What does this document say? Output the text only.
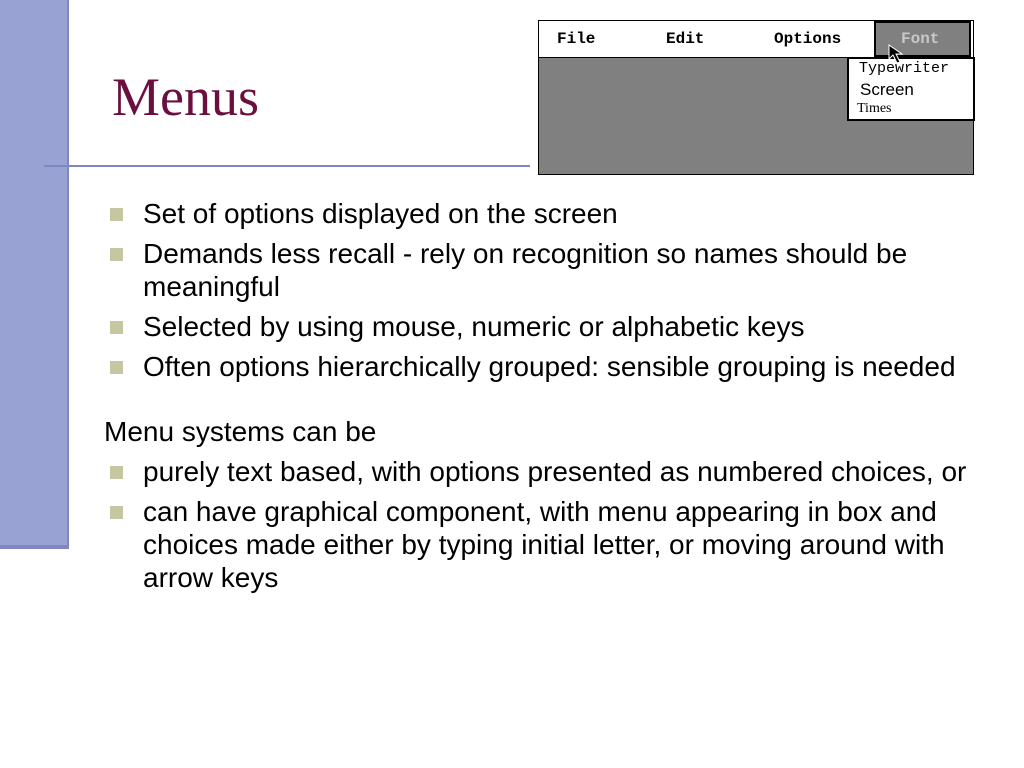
Menus
File	Edit	Options	Font
Typewriter
Screen
Times
Set of options displayed on the screen
Demands less recall - rely on recognition so names should be meaningful
Selected by using mouse, numeric or alphabetic keys
Often options hierarchically grouped: sensible grouping is needed
Menu systems can be
purely text based, with options presented as numbered choices, or
can have graphical component, with menu appearing in box and choices made either by typing initial letter, or moving around with arrow keys
